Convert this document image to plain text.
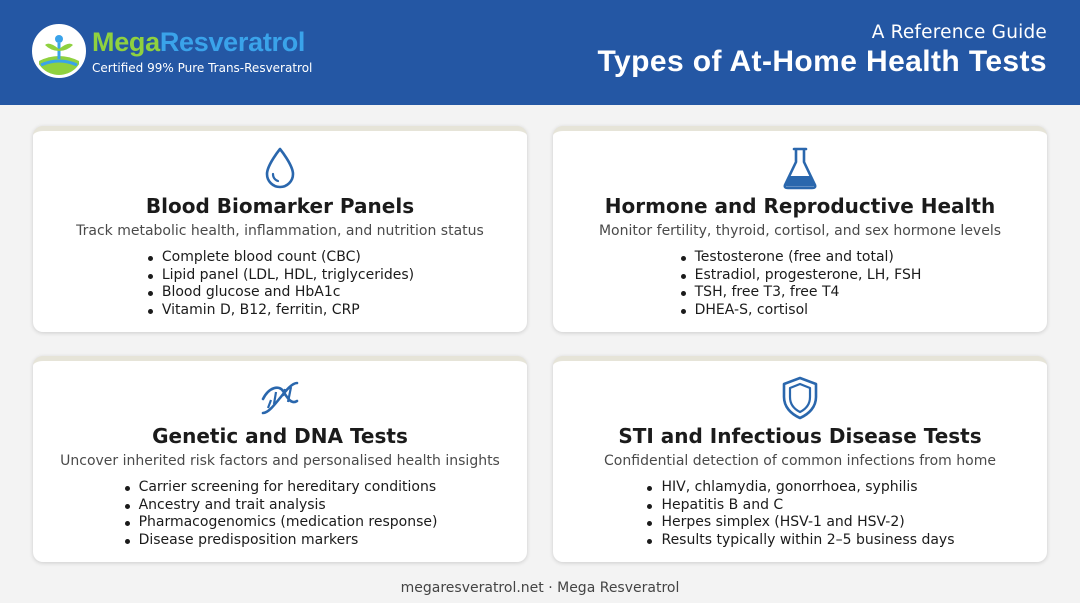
MegaResveratrol
Certified 99% Pure Trans-Resveratrol
A Reference Guide
Types of At-Home Health Tests
Blood Biomarker Panels
Track metabolic health, inflammation, and nutrition status
Complete blood count (CBC)
Lipid panel (LDL, HDL, triglycerides)
Blood glucose and HbA1c
Vitamin D, B12, ferritin, CRP
Hormone and Reproductive Health
Monitor fertility, thyroid, cortisol, and sex hormone levels
Testosterone (free and total)
Estradiol, progesterone, LH, FSH
TSH, free T3, free T4
DHEA-S, cortisol
Genetic and DNA Tests
Uncover inherited risk factors and personalised health insights
Carrier screening for hereditary conditions
Ancestry and trait analysis
Pharmacogenomics (medication response)
Disease predisposition markers
STI and Infectious Disease Tests
Confidential detection of common infections from home
HIV, chlamydia, gonorrhoea, syphilis
Hepatitis B and C
Herpes simplex (HSV-1 and HSV-2)
Results typically within 2–5 business days
megaresveratrol.net · Mega Resveratrol
